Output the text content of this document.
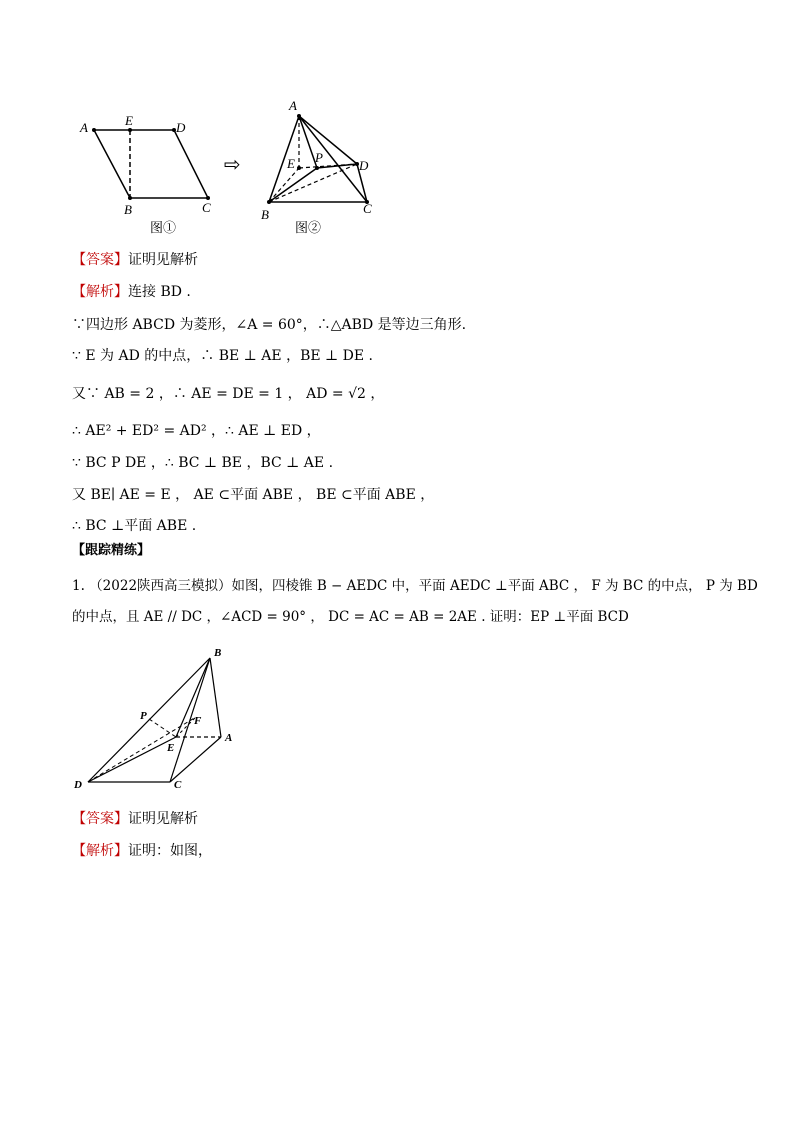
A	E	D
B	C
图①
⇨
A
E P
D
B	C
图②
【答案】证明见解析
【解析】连接 BD .
∵四边形 ABCD 为菱形，∠A = 60°，∴△ABD 是等边三角形.
∵ E 为 AD 的中点，∴ BE ⊥ AE ，BE ⊥ DE .
又∵ AB = 2 ，∴ AE = DE = 1 ， AD = √2 ，
∴ AE² + ED² = AD² ，∴ AE ⊥ ED ，
∵ BC P DE ，∴ BC ⊥ BE ，BC ⊥ AE .
又 BE∣ AE = E ， AE ⊂平面 ABE ， BE ⊂平面 ABE ，
∴ BC ⊥平面 ABE .
【跟踪精练】
1. （2022陕西高三模拟）如图，四棱锥 B − AEDC 中，平面 AEDC ⊥平面 ABC ， F 为 BC 的中点， P 为 BD
的中点，且 AE // DC ，∠ACD = 90° ， DC = AC = AB = 2AE . 证明：EP ⊥平面 BCD
B
P	F
E
A
D	C
【答案】证明见解析
【解析】证明：如图，
